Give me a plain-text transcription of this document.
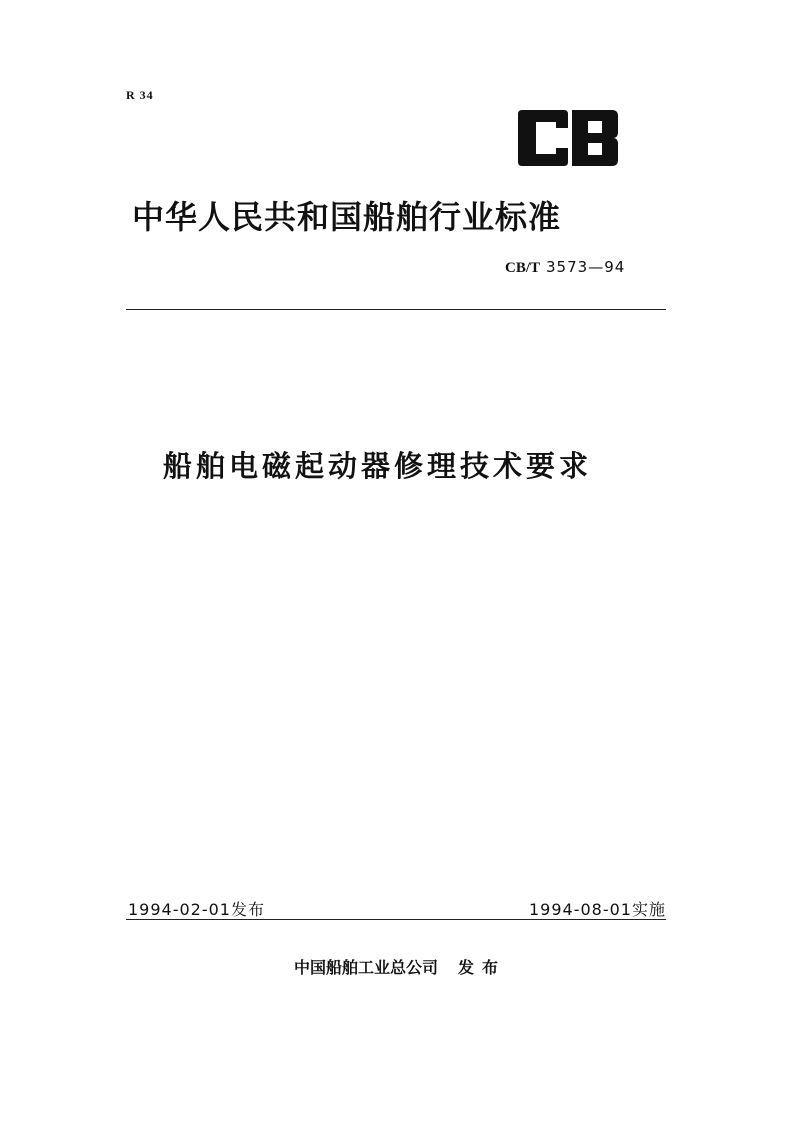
R 34
中华人民共和国船舶行业标准
CB/T 3573—94
船舶电磁起动器修理技术要求
1994-02-01发布	1994-08-01实施
中国船舶工业总公司 发布
